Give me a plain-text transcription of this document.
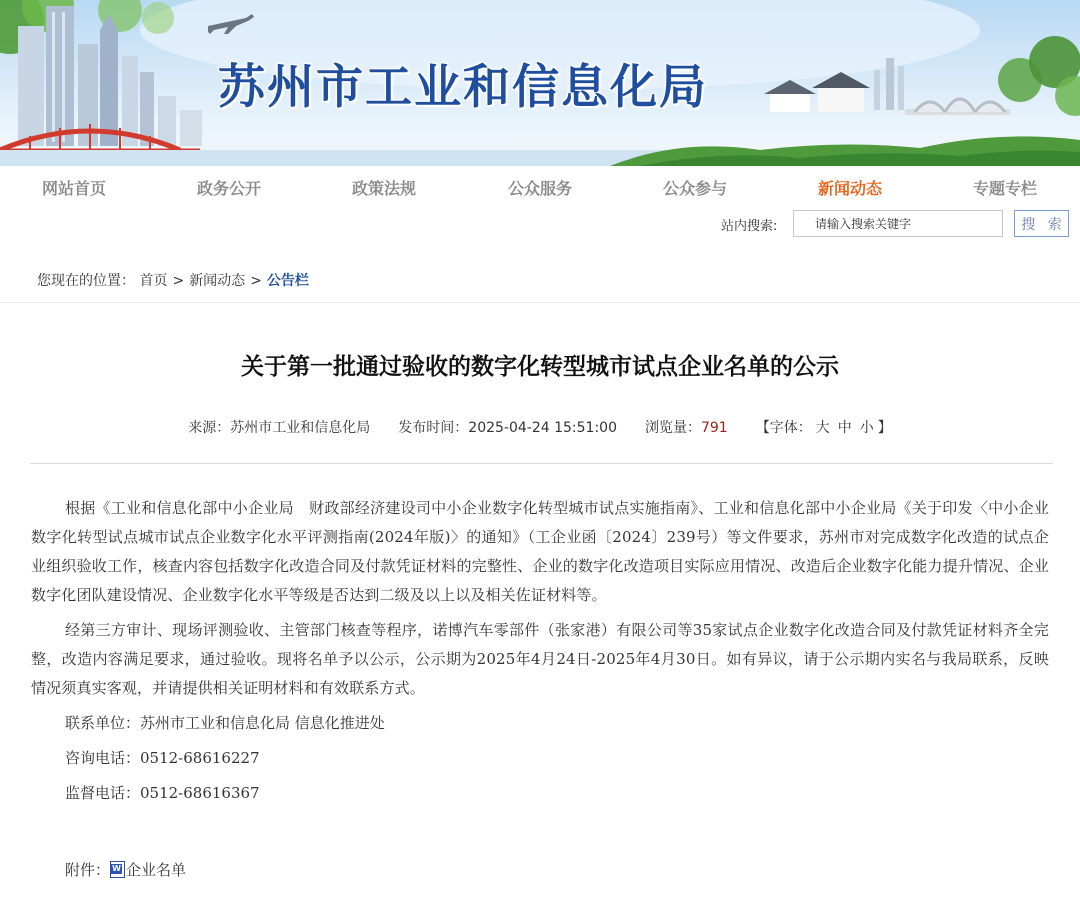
苏州市工业和信息化局
网站首页	政务公开	政策法规	公众服务	公众参与	新闻动态	专题专栏
站内搜索:
请输入搜索关键字	搜 索
您现在的位置： 首页 > 新闻动态 > 公告栏
关于第一批通过验收的数字化转型城市试点企业名单的公示
来源：苏州市工业和信息化局 发布时间：2025-04-24 15:51:00 浏览量：791 【字体： 大 中 小 】

根据《工业和信息化部中小企业局　财政部经济建设司中小企业数字化转型城市试点实施指南》、工业和信息化部中小企业局《关于印发〈中小企业数字化转型试点城市试点企业数字化水平评测指南(2024年版)〉的通知》（工企业函〔2024〕239号）等文件要求，苏州市对完成数字化改造的试点企业组织验收工作，核查内容包括数字化改造合同及付款凭证材料的完整性、企业的数字化改造项目实际应用情况、改造后企业数字化能力提升情况、企业数字化团队建设情况、企业数字化水平等级是否达到二级及以上以及相关佐证材料等。

经第三方审计、现场评测验收、主管部门核查等程序，诺博汽车零部件（张家港）有限公司等35家试点企业数字化改造合同及付款凭证材料齐全完整，改造内容满足要求，通过验收。现将名单予以公示，公示期为2025年4月24日-2025年4月30日。如有异议，请于公示期内实名与我局联系，反映情况须真实客观，并请提供相关证明材料和有效联系方式。

联系单位：苏州市工业和信息化局 信息化推进处

咨询电话：0512-68616227

监督电话：0512-68616367

附件：W 企业名单
